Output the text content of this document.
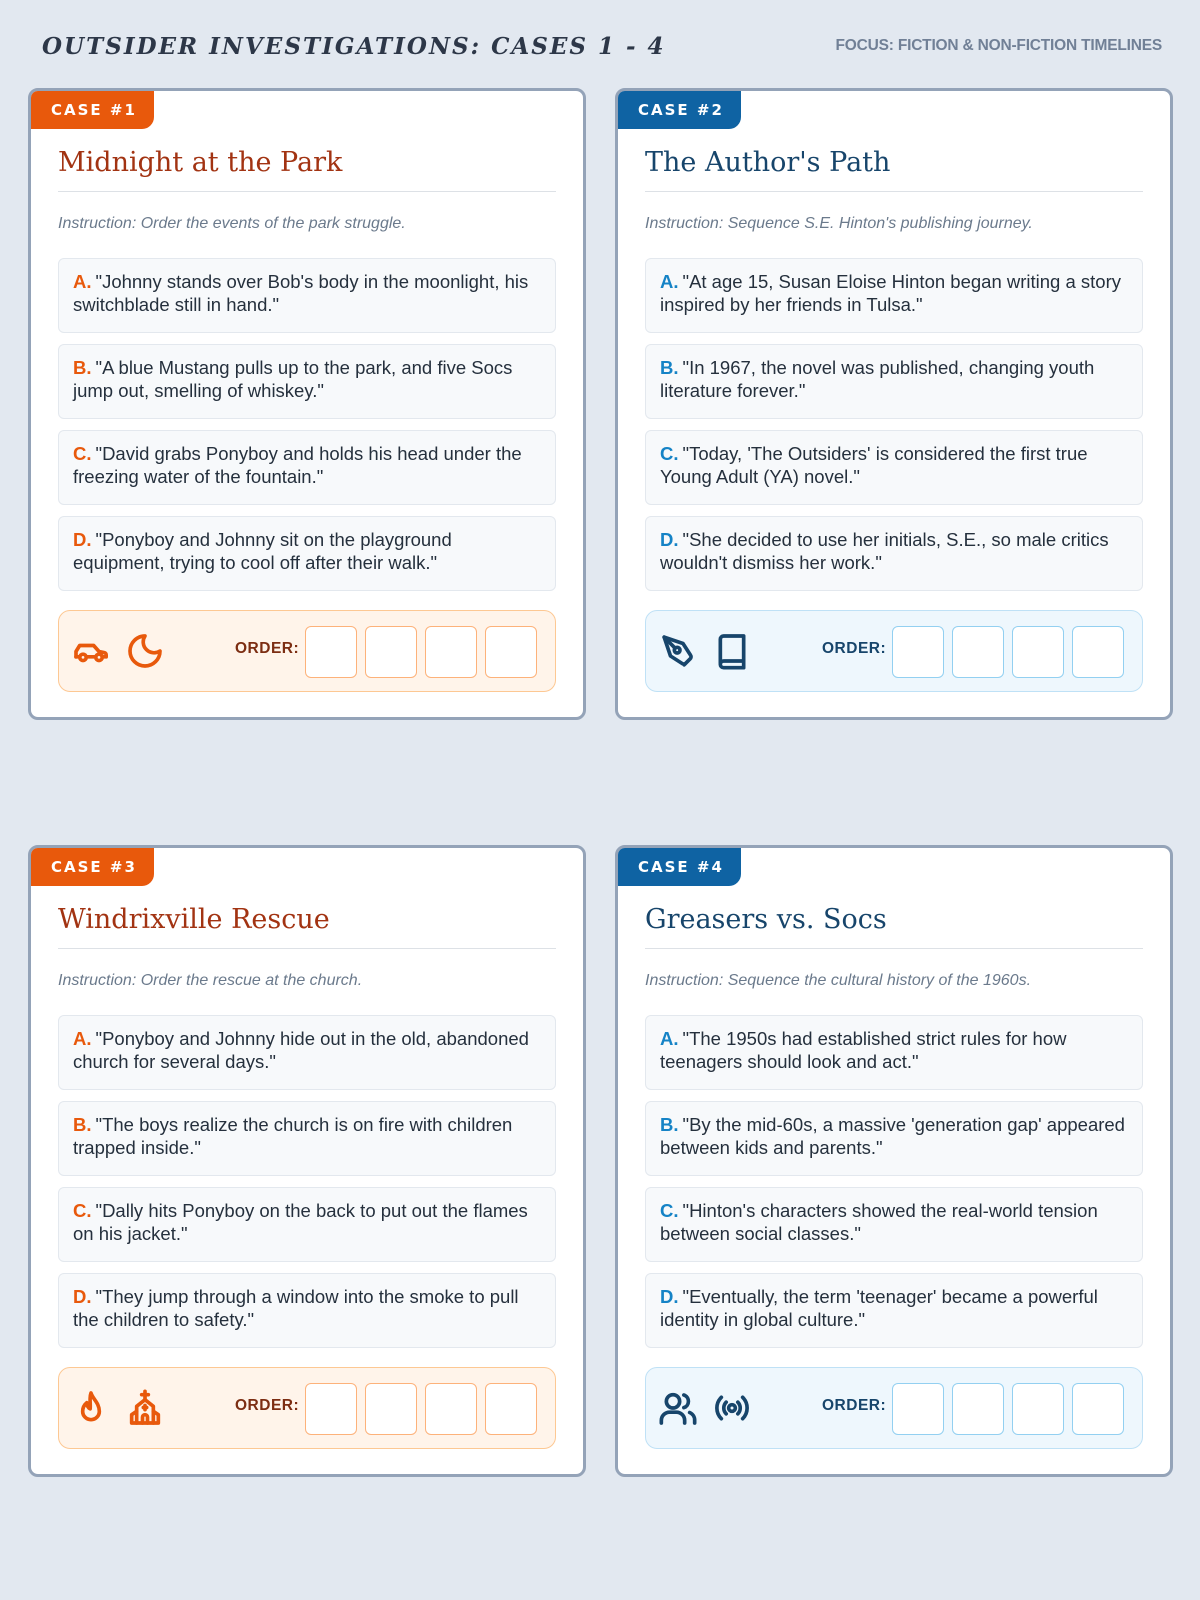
OUTSIDER INVESTIGATIONS: CASES 1 - 4	FOCUS: FICTION & NON-FICTION TIMELINES
CASE #1
Midnight at the Park
Instruction: Order the events of the park struggle.
A. "Johnny stands over Bob's body in the moonlight, his switchblade still in hand."
B. "A blue Mustang pulls up to the park, and five Socs jump out, smelling of whiskey."
C. "David grabs Ponyboy and holds his head under the freezing water of the fountain."
D. "Ponyboy and Johnny sit on the playground equipment, trying to cool off after their walk."
ORDER:
CASE #2
The Author's Path
Instruction: Sequence S.E. Hinton's publishing journey.
A. "At age 15, Susan Eloise Hinton began writing a story inspired by her friends in Tulsa."
B. "In 1967, the novel was published, changing youth literature forever."
C. "Today, 'The Outsiders' is considered the first true Young Adult (YA) novel."
D. "She decided to use her initials, S.E., so male critics wouldn't dismiss her work."
ORDER:
CASE #3
Windrixville Rescue
Instruction: Order the rescue at the church.
A. "Ponyboy and Johnny hide out in the old, abandoned church for several days."
B. "The boys realize the church is on fire with children trapped inside."
C. "Dally hits Ponyboy on the back to put out the flames on his jacket."
D. "They jump through a window into the smoke to pull the children to safety."
ORDER:
CASE #4
Greasers vs. Socs
Instruction: Sequence the cultural history of the 1960s.
A. "The 1950s had established strict rules for how teenagers should look and act."
B. "By the mid-60s, a massive 'generation gap' appeared between kids and parents."
C. "Hinton's characters showed the real-world tension between social classes."
D. "Eventually, the term 'teenager' became a powerful identity in global culture."
ORDER:
